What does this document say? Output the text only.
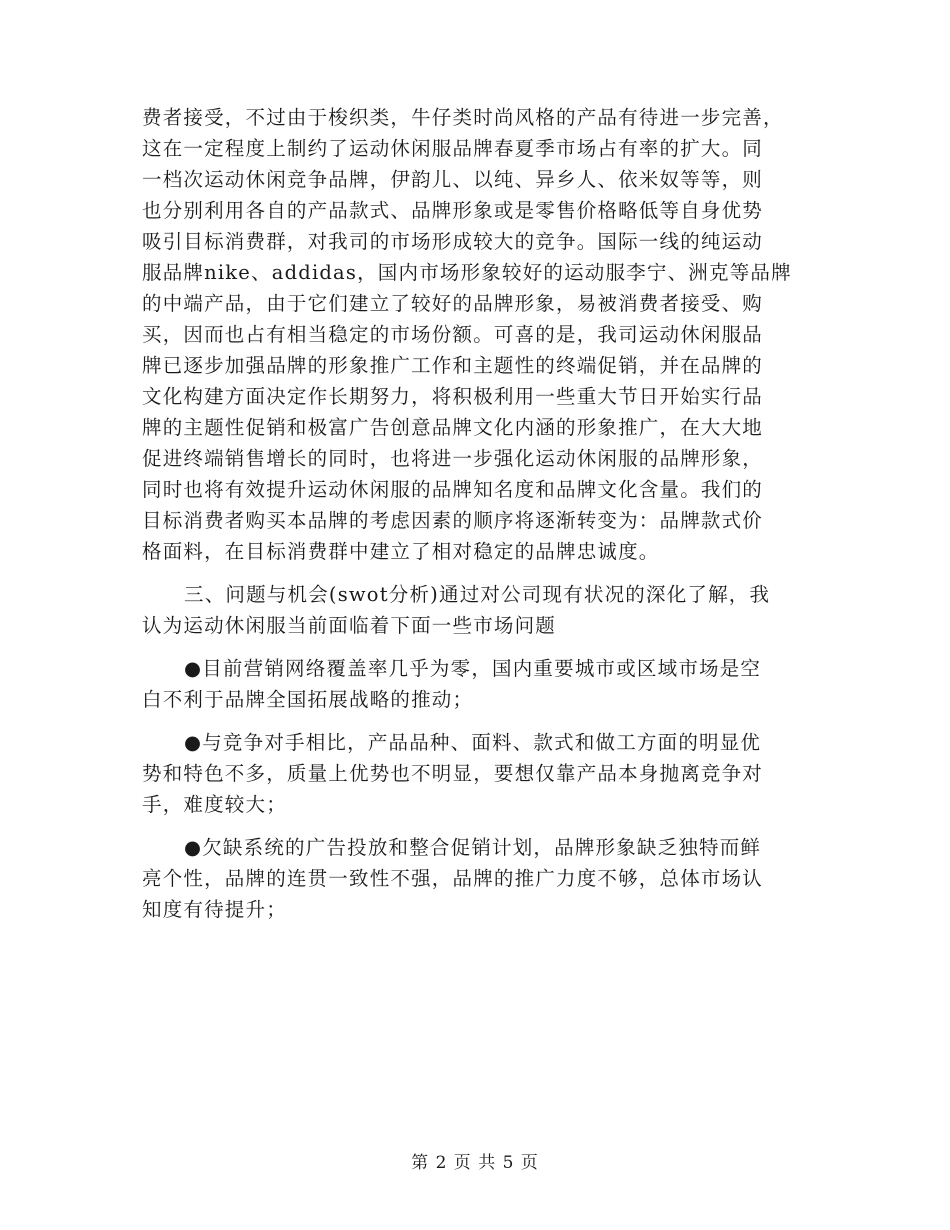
费者接受，不过由于梭织类，牛仔类时尚风格的产品有待进一步完善，
这在一定程度上制约了运动休闲服品牌春夏季市场占有率的扩大。同
一档次运动休闲竞争品牌，伊韵儿、以纯、异乡人、依米奴等等，则
也分别利用各自的产品款式、品牌形象或是零售价格略低等自身优势
吸引目标消费群，对我司的市场形成较大的竞争。国际一线的纯运动
服品牌nike、addidas，国内市场形象较好的运动服李宁、洲克等品牌
的中端产品，由于它们建立了较好的品牌形象，易被消费者接受、购
买，因而也占有相当稳定的市场份额。可喜的是，我司运动休闲服品
牌已逐步加强品牌的形象推广工作和主题性的终端促销，并在品牌的
文化构建方面决定作长期努力，将积极利用一些重大节日开始实行品
牌的主题性促销和极富广告创意品牌文化内涵的形象推广，在大大地
促进终端销售增长的同时，也将进一步强化运动休闲服的品牌形象，
同时也将有效提升运动休闲服的品牌知名度和品牌文化含量。我们的
目标消费者购买本品牌的考虑因素的顺序将逐渐转变为：品牌款式价
格面料，在目标消费群中建立了相对稳定的品牌忠诚度。
三、问题与机会(swot分析)通过对公司现有状况的深化了解，我
认为运动休闲服当前面临着下面一些市场问题
●目前营销网络覆盖率几乎为零，国内重要城市或区域市场是空
白不利于品牌全国拓展战略的推动；
●与竞争对手相比，产品品种、面料、款式和做工方面的明显优
势和特色不多，质量上优势也不明显，要想仅靠产品本身抛离竞争对
手，难度较大；
●欠缺系统的广告投放和整合促销计划，品牌形象缺乏独特而鲜
亮个性，品牌的连贯一致性不强，品牌的推广力度不够，总体市场认
知度有待提升；
第 2 页 共 5 页
